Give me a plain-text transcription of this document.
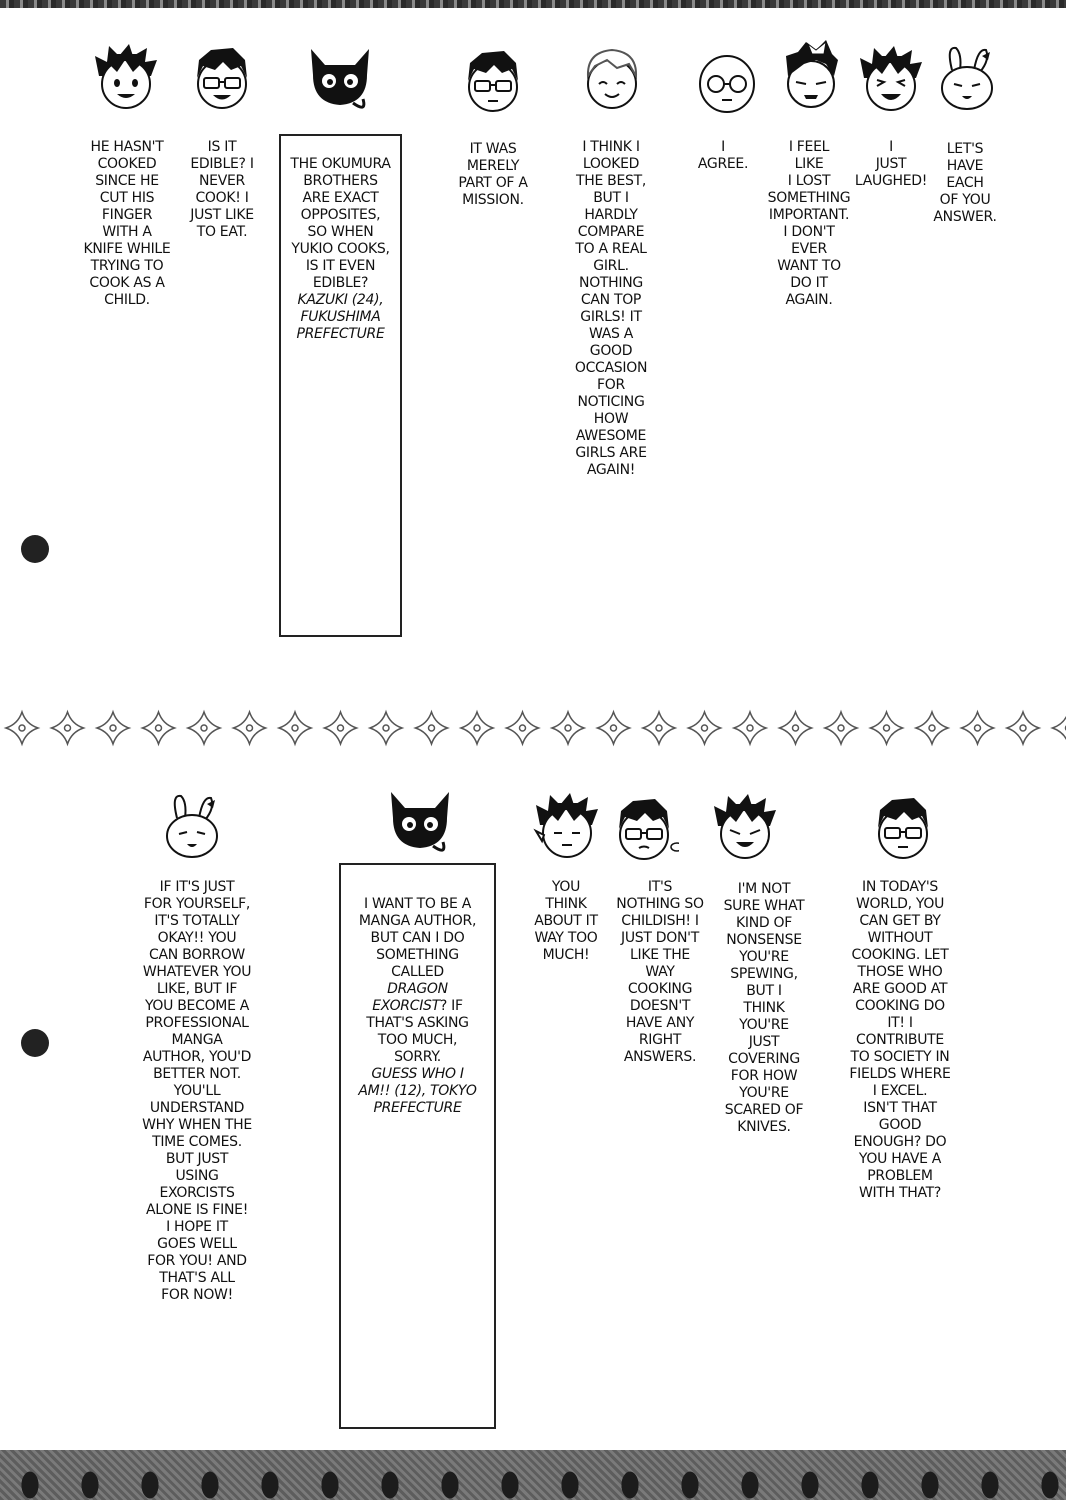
HE HASN'T
COOKED
SINCE HE
CUT HIS
FINGER
WITH A
KNIFE WHILE
TRYING TO
COOK AS A
CHILD.
IS IT
EDIBLE? I
NEVER
COOK! I
JUST LIKE
TO EAT.

THE OKUMURA
BROTHERS
ARE EXACT
OPPOSITES,
SO WHEN
YUKIO COOKS,
IS IT EVEN
EDIBLE?

KAZUKI (24),
FUKUSHIMA
PREFECTURE

IT WAS
MERELY
PART OF A
MISSION.
I THINK I
LOOKED
THE BEST,
BUT I
HARDLY
COMPARE
TO A REAL
GIRL.
NOTHING
CAN TOP
GIRLS! IT
WAS A
GOOD
OCCASION
FOR
NOTICING
HOW
AWESOME
GIRLS ARE
AGAIN!
I
AGREE.
I FEEL
LIKE
I LOST
SOMETHING
IMPORTANT.
I DON'T
EVER
WANT TO
DO IT
AGAIN.
I
JUST
LAUGHED!
LET'S
HAVE
EACH
OF YOU
ANSWER.
IF IT'S JUST
FOR YOURSELF,
IT'S TOTALLY
OKAY!! YOU
CAN BORROW
WHATEVER YOU
LIKE, BUT IF
YOU BECOME A
PROFESSIONAL
MANGA
AUTHOR, YOU'D
BETTER NOT.
YOU'LL
UNDERSTAND
WHY WHEN THE
TIME COMES.
BUT JUST
USING
EXORCISTS
ALONE IS FINE!
I HOPE IT
GOES WELL
FOR YOU! AND
THAT'S ALL
FOR NOW!

I WANT TO BE A
MANGA AUTHOR,
BUT CAN I DO
SOMETHING
CALLED
DRAGON
EXORCIST? IF
THAT'S ASKING
TOO MUCH,
SORRY.

GUESS WHO I
AM!! (12), TOKYO
PREFECTURE

YOU
THINK
ABOUT IT
WAY TOO
MUCH!
IT'S
NOTHING SO
CHILDISH! I
JUST DON'T
LIKE THE
WAY
COOKING
DOESN'T
HAVE ANY
RIGHT
ANSWERS.
I'M NOT
SURE WHAT
KIND OF
NONSENSE
YOU'RE
SPEWING,
BUT I
THINK
YOU'RE
JUST
COVERING
FOR HOW
YOU'RE
SCARED OF
KNIVES.
IN TODAY'S
WORLD, YOU
CAN GET BY
WITHOUT
COOKING. LET
THOSE WHO
ARE GOOD AT
COOKING DO
IT! I
CONTRIBUTE
TO SOCIETY IN
FIELDS WHERE
I EXCEL.
ISN'T THAT
GOOD
ENOUGH? DO
YOU HAVE A
PROBLEM
WITH THAT?
